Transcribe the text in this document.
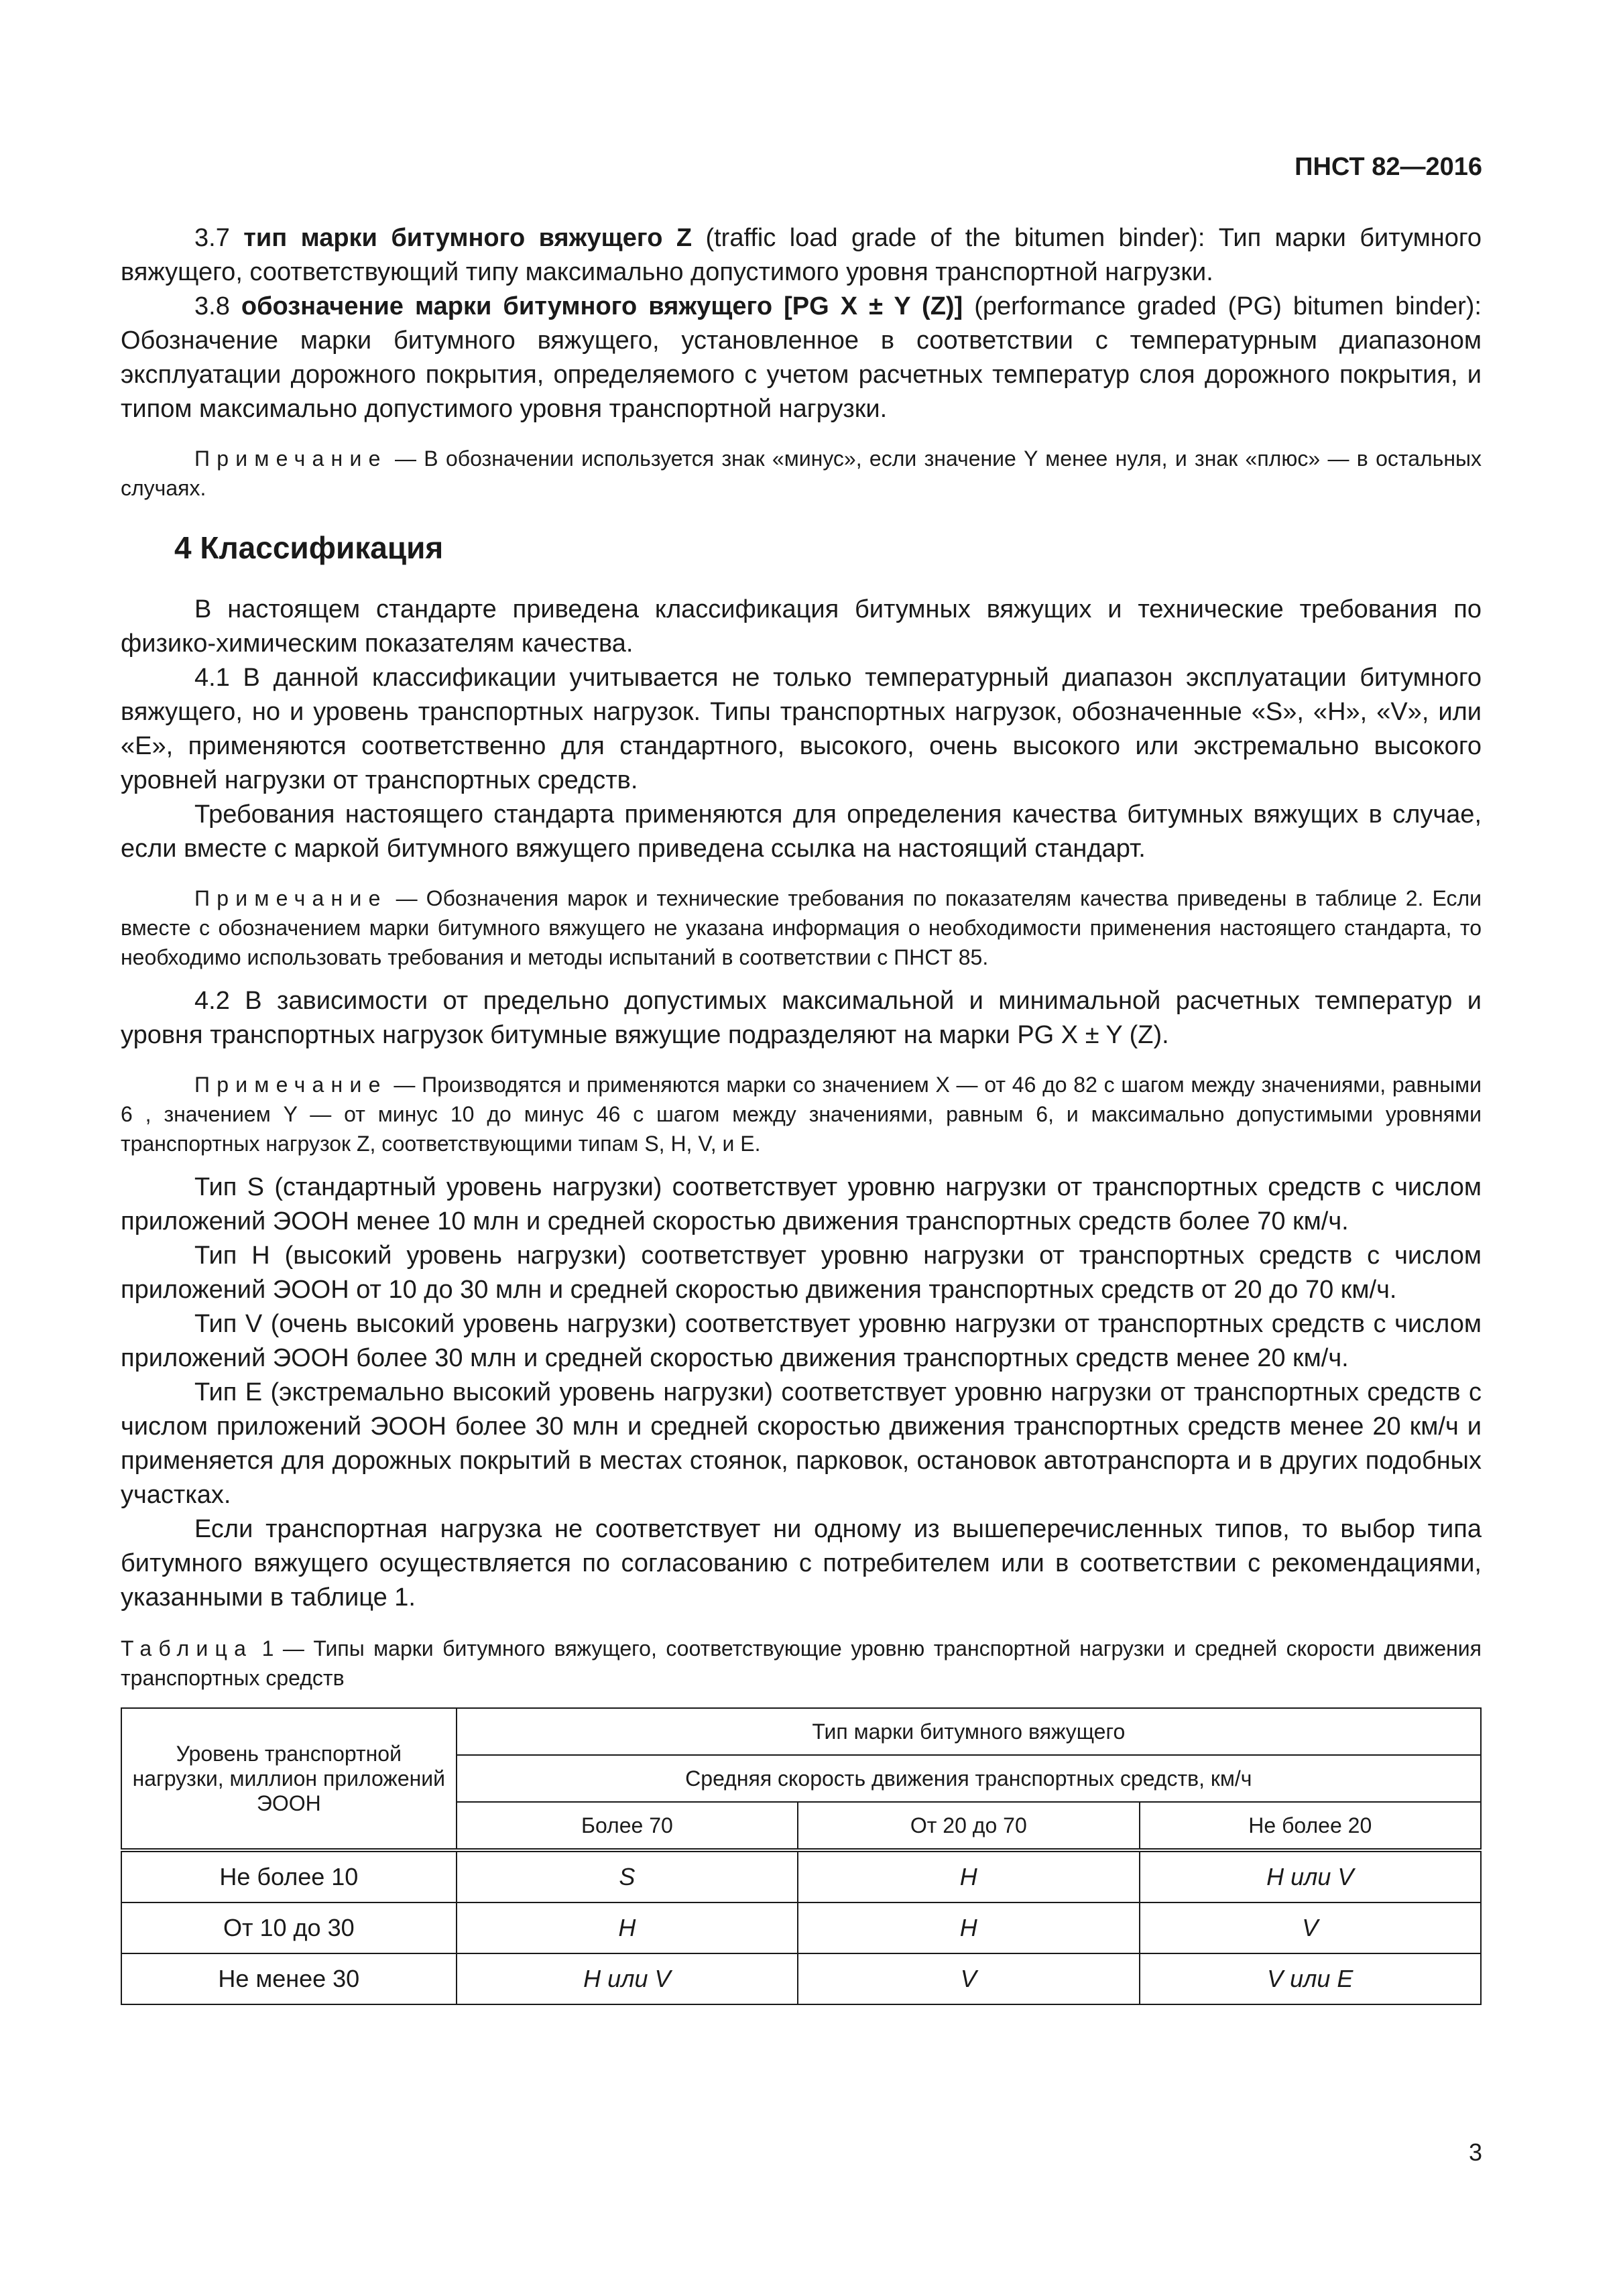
ПНСТ 82—2016

3.7 тип марки битумного вяжущего Z (traffic load grade of the bitumen binder): Тип марки битумного вяжущего, соответствующий типу максимально допустимого уровня транспортной нагрузки.

3.8 обозначение марки битумного вяжущего [PG X ± Y (Z)] (performance graded (PG) bitumen binder): Обозначение марки битумного вяжущего, установленное в соответствии с температурным диапазоном эксплуатации дорожного покрытия, определяемого с учетом расчетных температур слоя дорожного покрытия, и типом максимально допустимого уровня транспортной нагрузки.

Примечание — В обозначении используется знак «минус», если значение Y менее нуля, и знак «плюс» — в остальных случаях.

4 Классификация

В настоящем стандарте приведена классификация битумных вяжущих и технические требования по физико-химическим показателям качества.

4.1 В данной классификации учитывается не только температурный диапазон эксплуатации битумного вяжущего, но и уровень транспортных нагрузок. Типы транспортных нагрузок, обозначенные «S», «H», «V», или «E», применяются соответственно для стандартного, высокого, очень высокого или экстремально высокого уровней нагрузки от транспортных средств.

Требования настоящего стандарта применяются для определения качества битумных вяжущих в случае, если вместе с маркой битумного вяжущего приведена ссылка на настоящий стандарт.

Примечание — Обозначения марок и технические требования по показателям качества приведены в таблице 2. Если вместе с обозначением марки битумного вяжущего не указана информация о необходимости применения настоящего стандарта, то необходимо использовать требования и методы испытаний в соответствии с ПНСТ 85.

4.2 В зависимости от предельно допустимых максимальной и минимальной расчетных температур и уровня транспортных нагрузок битумные вяжущие подразделяют на марки PG X ± Y (Z).

Примечание — Производятся и применяются марки со значением X — от 46 до 82 с шагом между значениями, равными 6 , значением Y — от минус 10 до минус 46 с шагом между значениями, равным 6, и максимально допустимыми уровнями транспортных нагрузок Z, соответствующими типам S, H, V, и E.

Тип S (стандартный уровень нагрузки) соответствует уровню нагрузки от транспортных средств с числом приложений ЭООН менее 10 млн и средней скоростью движения транспортных средств более 70 км/ч.

Тип H (высокий уровень нагрузки) соответствует уровню нагрузки от транспортных средств с числом приложений ЭООН от 10 до 30 млн и средней скоростью движения транспортных средств от 20 до 70 км/ч.

Тип V (очень высокий уровень нагрузки) соответствует уровню нагрузки от транспортных средств с числом приложений ЭООН более 30 млн и средней скоростью движения транспортных средств менее 20 км/ч.

Тип E (экстремально высокий уровень нагрузки) соответствует уровню нагрузки от транспортных средств с числом приложений ЭООН более 30 млн и средней скоростью движения транспортных средств менее 20 км/ч и применяется для дорожных покрытий в местах стоянок, парковок, остановок автотранспорта и в других подобных участках.

Если транспортная нагрузка не соответствует ни одному из вышеперечисленных типов, то выбор типа битумного вяжущего осуществляется по согласованию с потребителем или в соответствии с рекомендациями, указанными в таблице 1.

Таблица 1 — Типы марки битумного вяжущего, соответствующие уровню транспортной нагрузки и средней скорости движения транспортных средств

Уровень транспортной нагрузки, миллион приложений ЭООН	Тип марки битумного вяжущего		
	Средняя скорость движения транспортных средств, км/ч		
	Более 70	От 20 до 70	Не более 20
Не более 10	S	H	H или V
От 10 до 30	H	H	V
Не менее 30	H или V	V	V или E
3
